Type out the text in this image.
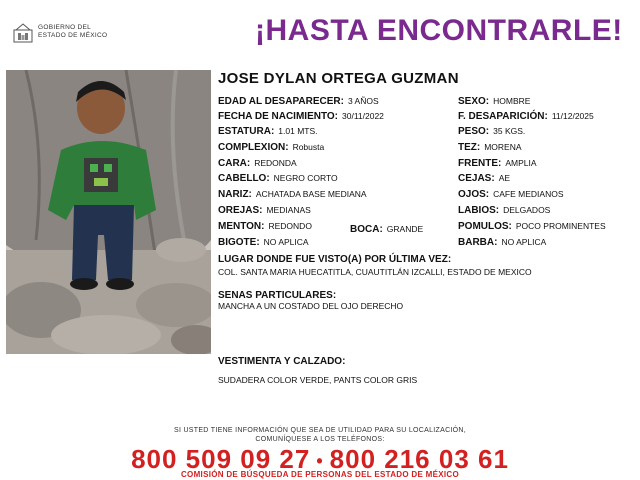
GOBIERNO DEL
ESTADO DE MÉXICO	¡HASTA ENCONTRARLE!
JOSE DYLAN ORTEGA GUZMAN
EDAD AL DESAPARECER: 3 AÑOS
FECHA DE NACIMIENTO: 30/11/2022
ESTATURA: 1.01 MTS.
COMPLEXION: Robusta
CARA: REDONDA
CABELLO: NEGRO CORTO
NARIZ: ACHATADA BASE MEDIANA
OREJAS: MEDIANAS
MENTON: REDONDO
BIGOTE: NO APLICA
BOCA: GRANDE
SEXO: HOMBRE
F. DESAPARICIÓN: 11/12/2025
PESO: 35 KGS.
TEZ: MORENA
FRENTE: AMPLIA
CEJAS: AE
OJOS: CAFE MEDIANOS
LABIOS: DELGADOS
POMULOS: POCO PROMINENTES
BARBA: NO APLICA
LUGAR DONDE FUE VISTO(A) POR ÚLTIMA VEZ:
COL. SANTA MARIA HUECATITLA, CUAUTITLÁN IZCALLI, ESTADO DE MEXICO
SENAS PARTICULARES:
MANCHA A UN COSTADO DEL OJO DERECHO
VESTIMENTA Y CALZADO:
SUDADERA COLOR VERDE, PANTS COLOR GRIS
SI USTED TIENE INFORMACIÓN QUE SEA DE UTILIDAD PARA SU LOCALIZACIÓN,
COMUNÍQUESE A LOS TELÉFONOS:
800 509 09 27 • 800 216 03 61
COMISIÓN DE BÚSQUEDA DE PERSONAS DEL ESTADO DE MÉXICO
